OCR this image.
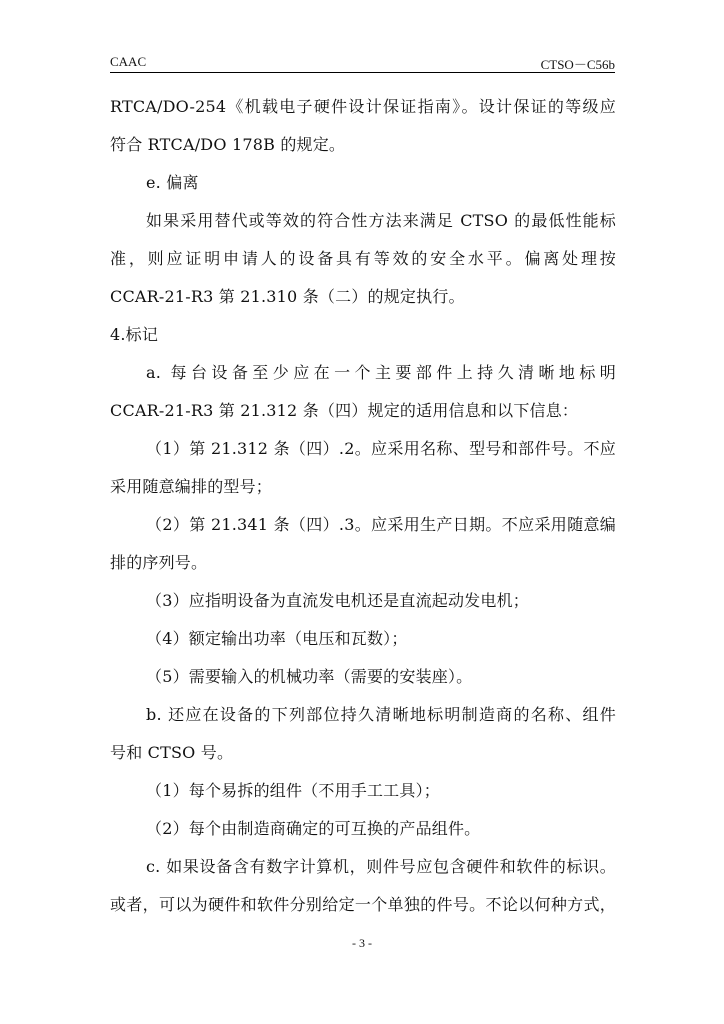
CAAC	CTSO－C56b
RTCA/DO-254《机载电子硬件设计保证指南》。设计保证的等级应
符合 RTCA/DO 178B 的规定。
e. 偏离
如果采用替代或等效的符合性方法来满足 CTSO 的最低性能标
准，则应证明申请人的设备具有等效的安全水平。偏离处理按
CCAR-21-R3 第 21.310 条（二）的规定执行。
4.标记
a. 每台设备至少应在一个主要部件上持久清晰地标明
CCAR-21-R3 第 21.312 条（四）规定的适用信息和以下信息：
（1）第 21.312 条（四）.2。应采用名称、型号和部件号。不应
采用随意编排的型号；
（2）第 21.341 条（四）.3。应采用生产日期。不应采用随意编
排的序列号。
（3）应指明设备为直流发电机还是直流起动发电机；
（4）额定输出功率（电压和瓦数）；
（5）需要输入的机械功率（需要的安装座）。
b. 还应在设备的下列部位持久清晰地标明制造商的名称、组件
号和 CTSO 号。
（1）每个易拆的组件（不用手工工具）；
（2）每个由制造商确定的可互换的产品组件。
c. 如果设备含有数字计算机，则件号应包含硬件和软件的标识。
或者，可以为硬件和软件分别给定一个单独的件号。不论以何种方式，
- 3 -
